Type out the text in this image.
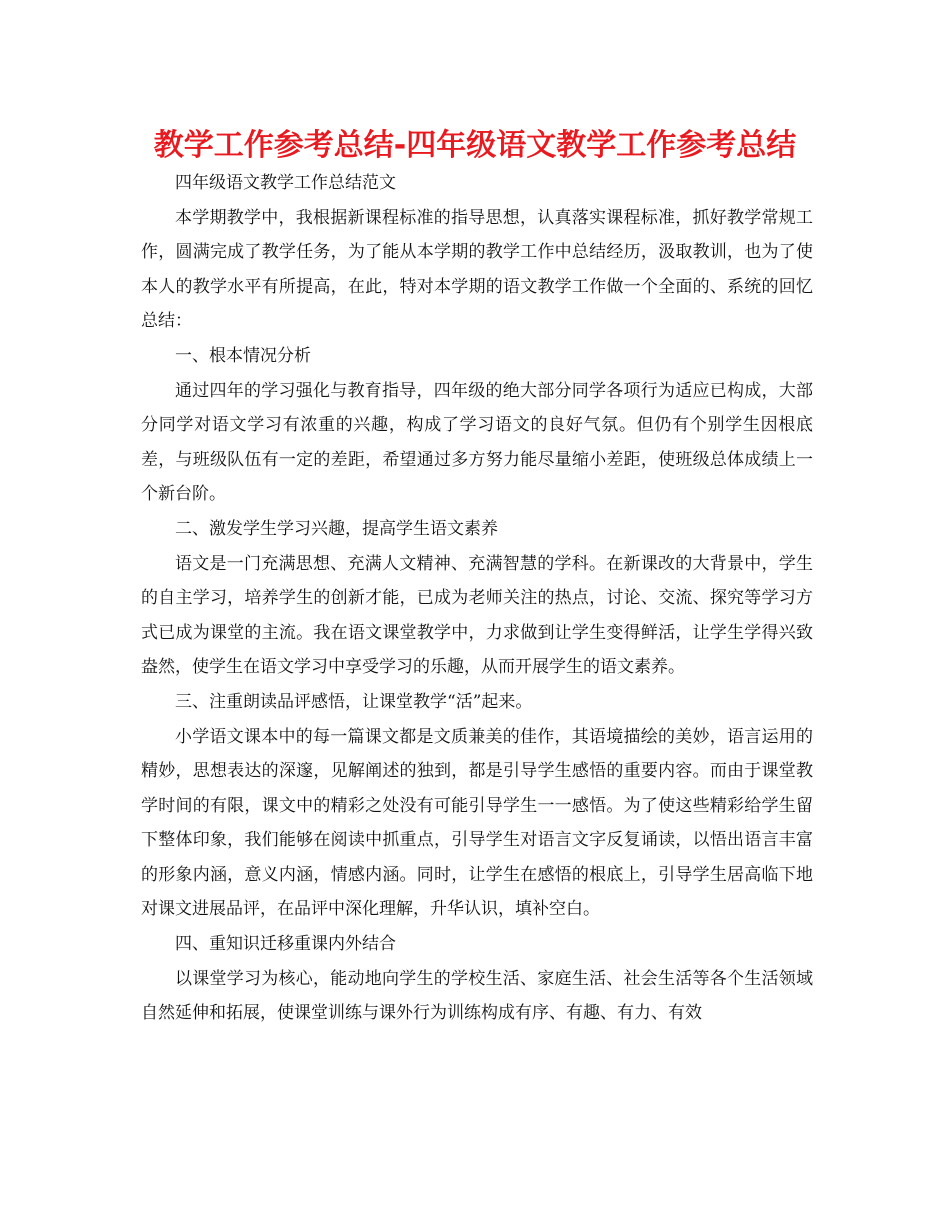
教学工作参考总结-四年级语文教学工作参考总结

四年级语文教学工作总结范文

本学期教学中，我根据新课程标准的指导思想，认真落实课程标准，抓好教学常规工作，圆满完成了教学任务，为了能从本学期的教学工作中总结经历，汲取教训，也为了使本人的教学水平有所提高，在此，特对本学期的语文教学工作做一个全面的、系统的回忆总结：

一、根本情况分析

通过四年的学习强化与教育指导，四年级的绝大部分同学各项行为适应已构成，大部分同学对语文学习有浓重的兴趣，构成了学习语文的良好气氛。但仍有个别学生因根底差，与班级队伍有一定的差距，希望通过多方努力能尽量缩小差距，使班级总体成绩上一个新台阶。

二、激发学生学习兴趣，提高学生语文素养

语文是一门充满思想、充满人文精神、充满智慧的学科。在新课改的大背景中，学生的自主学习，培养学生的创新才能，已成为老师关注的热点，讨论、交流、探究等学习方式已成为课堂的主流。我在语文课堂教学中，力求做到让学生变得鲜活，让学生学得兴致盎然，使学生在语文学习中享受学习的乐趣，从而开展学生的语文素养。

三、注重朗读品评感悟，让课堂教学“活”起来。

小学语文课本中的每一篇课文都是文质兼美的佳作，其语境描绘的美妙，语言运用的精妙，思想表达的深邃，见解阐述的独到，都是引导学生感悟的重要内容。而由于课堂教学时间的有限，课文中的精彩之处没有可能引导学生一一感悟。为了使这些精彩给学生留下整体印象，我们能够在阅读中抓重点，引导学生对语言文字反复诵读，以悟出语言丰富的形象内涵，意义内涵，情感内涵。同时，让学生在感悟的根底上，引导学生居高临下地对课文进展品评，在品评中深化理解，升华认识，填补空白。

四、重知识迁移重课内外结合

以课堂学习为核心，能动地向学生的学校生活、家庭生活、社会生活等各个生活领域自然延伸和拓展，使课堂训练与课外行为训练构成有序、有趣、有力、有效
